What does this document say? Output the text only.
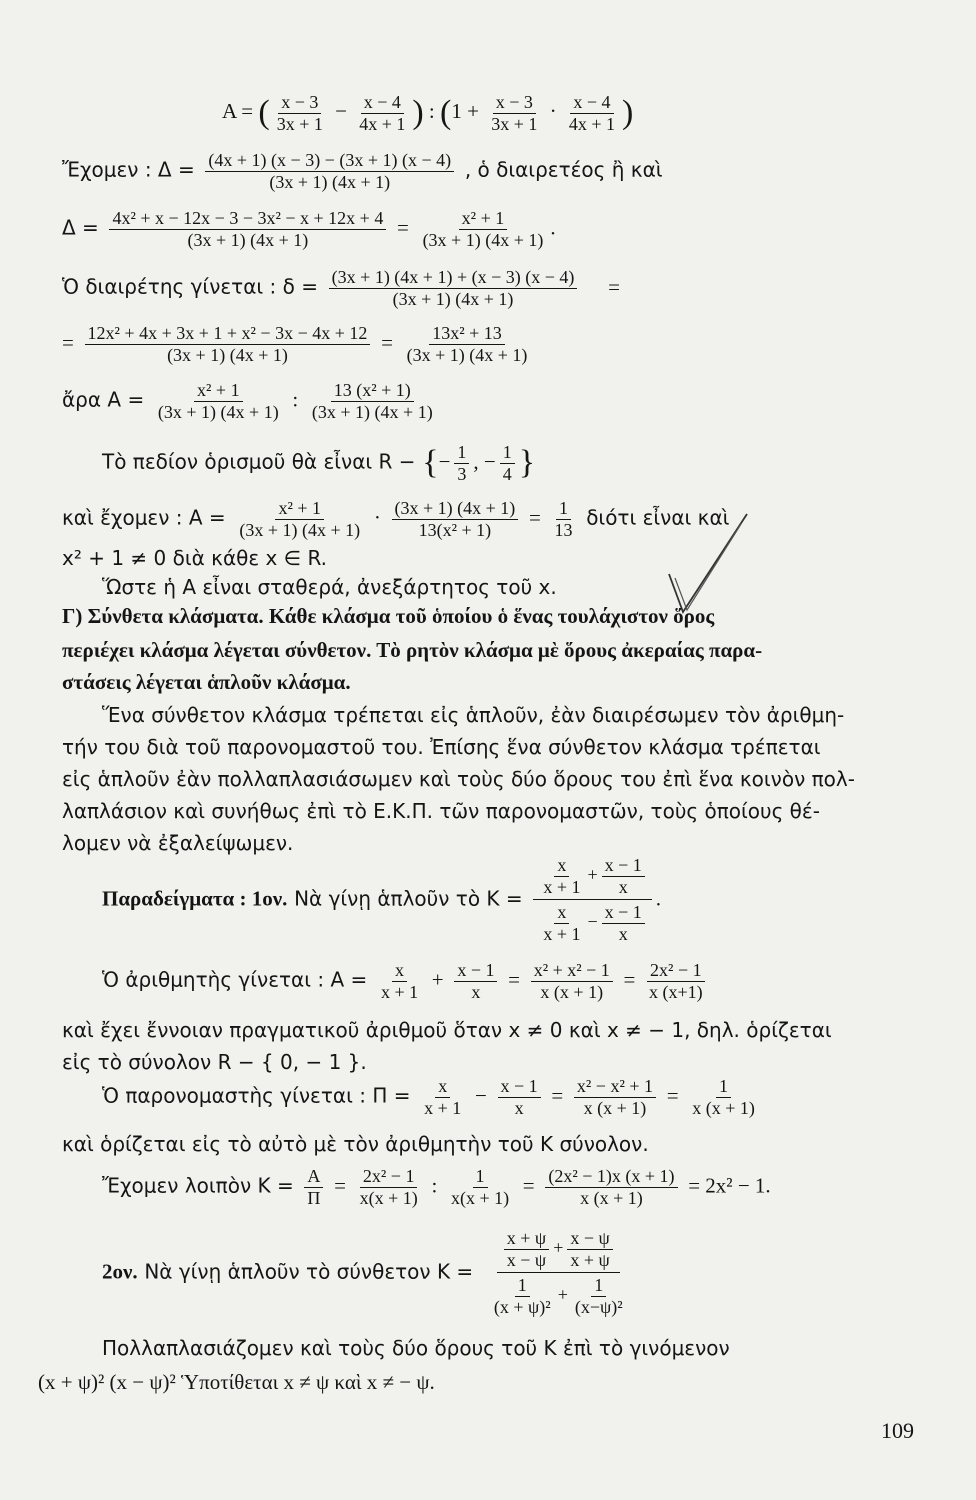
A = ( $\frac{x - 3}{3x + 1} - \frac{x - 4}{4x + 1}$ ) : ($1 + \frac{x - 3}{3x + 1} \cdot \frac{x - 4}{4x + 1}$ )
Ἔχομεν : $\Delta = \frac{(4x + 1) (x - 3) - (3x + 1) (x - 4)}{(3x + 1) (4x + 1)}$ , ὁ διαιρετέος ἢ καὶ
$\Delta = \frac{\text{4x² + x − 12x − 3 − 3x² − x + 12x + 4}}{(3x + 1) (4x + 1)} = \frac{\text{x² + 1}}{(3x + 1) (4x + 1)}$ .
Ὁ διαιρέτης γίνεται : $\delta = \frac{(3x + 1) (4x + 1) + (x - 3) (x - 4)}{(3x + 1) (4x + 1)}$ =
= $\frac{\text{12x² + 4x + 3x + 1 + x² − 3x − 4x + 12}}{(3x + 1) (4x + 1)} = \frac{\text{13x² + 13}}{(3x + 1) (4x + 1)}$
ἄρα $A = \frac{\text{x² + 1}}{(3x + 1) (4x + 1)}$ : $\frac{\text{13 (x² + 1)}}{(3x + 1) (4x + 1)}$
Τὸ πεδίον ὁρισμοῦ θὰ εἶναι R − {− $\frac{1}{3}$ , − $\frac{1}{4}$ }
καὶ ἔχομεν : $A = \frac{\text{x² + 1}}{(3x + 1) (4x + 1)} \cdot \frac{(3x + 1) (4x + 1)}{\text{13(x² + 1)}} = \frac{1}{13}$ διότι εἶναι καὶ
x² + 1 ≠ 0 διὰ κάθε x ∈ R.
Ὥστε ἡ A εἶναι σταθερά, ἀνεξάρτητος τοῦ x.
Γ) Σύνθετα κλάσματα. Κάθε κλάσμα τοῦ ὁποίου ὁ ἕνας τουλάχιστον ὅρος
περιέχει κλάσμα λέγεται σύνθετον. Τὸ ρητὸν κλάσμα μὲ ὅρους ἀκεραίας παρα-
στάσεις λέγεται ἁπλοῦν κλάσμα.
Ἕνα σύνθετον κλάσμα τρέπεται εἰς ἁπλοῦν, ἐὰν διαιρέσωμεν τὸν ἀριθμη-
τήν του διὰ τοῦ παρονομαστοῦ του. Ἐπίσης ἕνα σύνθετον κλάσμα τρέπεται
εἰς ἁπλοῦν ἐὰν πολλαπλασιάσωμεν καὶ τοὺς δύο ὅρους του ἐπὶ ἕνα κοινὸν πολ-
λαπλάσιον καὶ συνήθως ἐπὶ τὸ Ε.Κ.Π. τῶν παρονομαστῶν, τοὺς ὁποίους θέ-
λομεν νὰ ἐξαλείψωμεν.
Παραδείγματα : 1ον. Νὰ γίνῃ ἁπλοῦν τὸ $K = \frac{\frac{x}{x + 1} + \frac{x - 1}{x}}{\frac{x}{x + 1} - \frac{x - 1}{x}}$ .
Ὁ ἀριθμητὴς γίνεται : $A = \frac{x}{x + 1} + \frac{x - 1}{x} = \frac{\text{x² + x² − 1}}{x (x + 1)} = \frac{\text{2x² − 1}}{x (x+1)}$
καὶ ἔχει ἔννοιαν πραγματικοῦ ἀριθμοῦ ὅταν x ≠ 0 καὶ x ≠ − 1, δηλ. ὁρίζεται
εἰς τὸ σύνολον R − { 0, − 1 }.
Ὁ παρονομαστὴς γίνεται : $\Pi = \frac{x}{x + 1} - \frac{x - 1}{x} = \frac{\text{x² − x² + 1}}{x (x + 1)} = \frac{1}{x (x + 1)}$
καὶ ὁρίζεται εἰς τὸ αὐτὸ μὲ τὸν ἀριθμητὴν τοῦ K σύνολον.
Ἔχομεν λοιπὸν $K = \frac{A}{\Pi} = \frac{\text{2x² − 1}}{x(x + 1)}$ : $\frac{1}{x(x + 1)} = \frac{\text{(2x² − 1)x (x + 1)}}{x (x + 1)} = 2x^2 - 1$.
2ον. Νὰ γίνῃ ἁπλοῦν τὸ σύνθετον $K = \frac{\frac{x + \psi}{x - \psi} + \frac{x - \psi}{x + \psi}}{\frac{1}{\text{(x + ψ)²}} + \frac{1}{\text{(x−ψ)²}}}$
Πολλαπλασιάζομεν καὶ τοὺς δύο ὅρους τοῦ K ἐπὶ τὸ γινόμενον
(x + ψ)² (x − ψ)² Ὑποτίθεται x ≠ ψ καὶ x ≠ − ψ.
109
